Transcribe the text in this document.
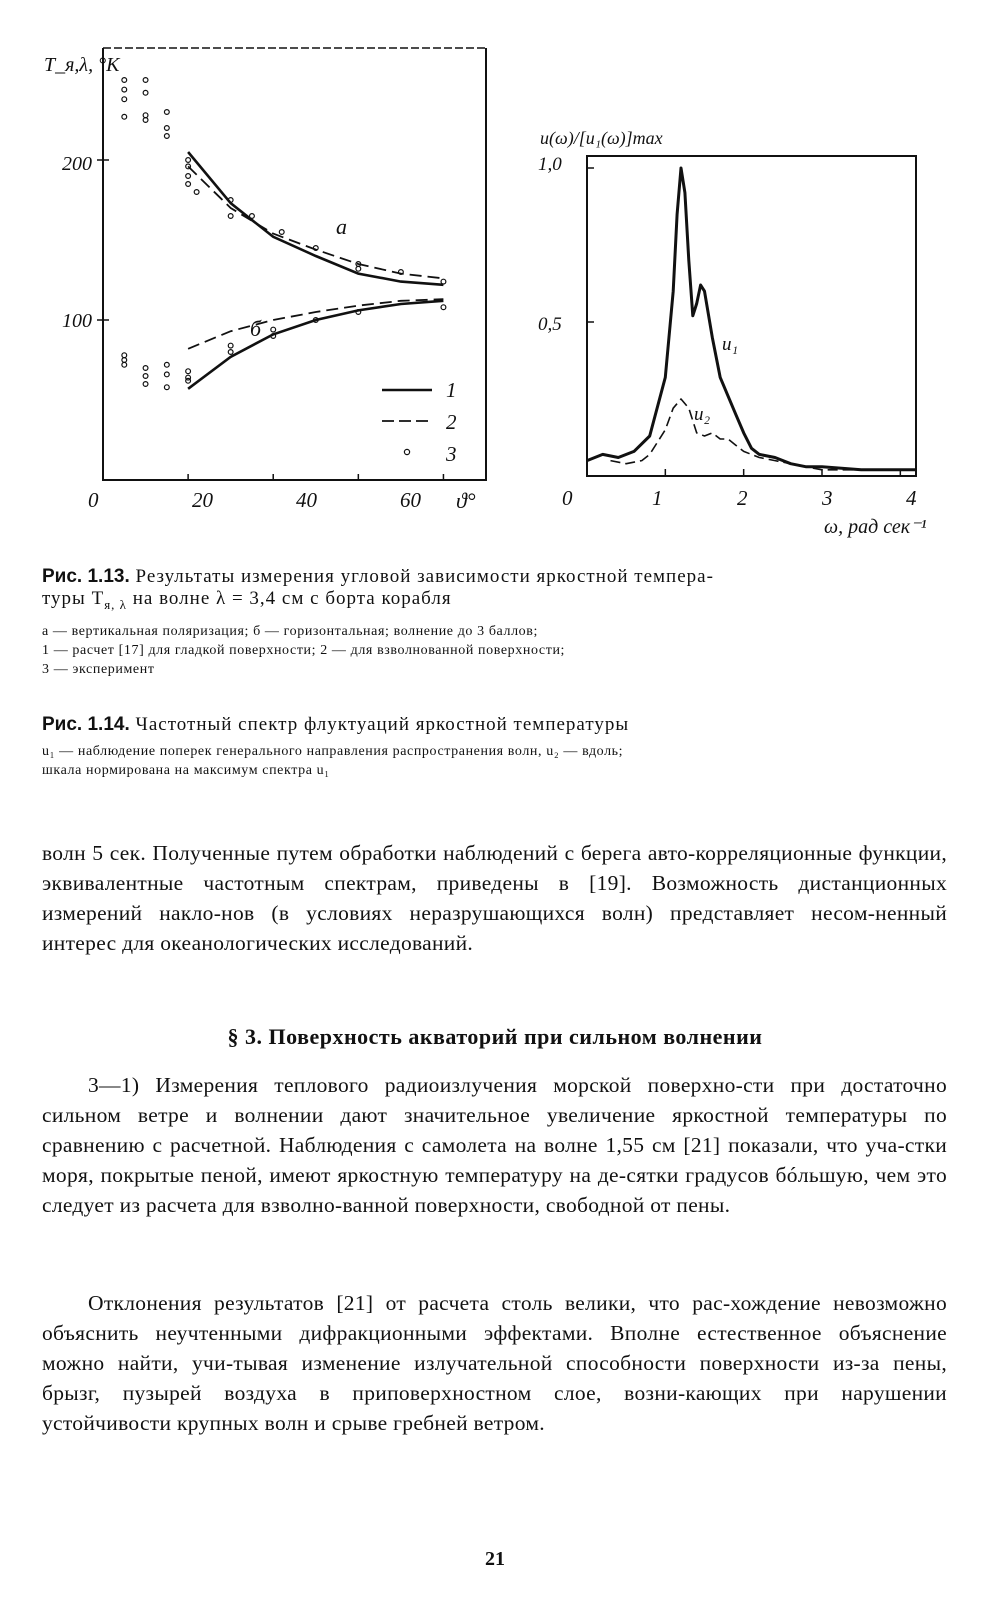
T_я,λ, °K
ϑ°
200
100
0	20	40	60
а
б
1
2
3
u(ω)/[u₁(ω)]max
ω, рад сек⁻¹
1,0
0,5
0	1	2	3	4
u₁
u₂
Рис. 1.13. Результаты измерения угловой зависимости яркостной темпера-
туры $T_{я, \lambda}$ на волне λ = 3,4 см с борта корабля
а — вертикальная поляризация; б — горизонтальная; волнение до 3 баллов;
1 — расчет [17] для гладкой поверхности; 2 — для взволнованной поверхности;
3 — эксперимент
Рис. 1.14. Частотный спектр флуктуаций яркостной температуры
u₁ — наблюдение поперек генерального направления распространения волн, u₂ — вдоль;
шкала нормирована на максимум спектра u₁

волн 5 сек. Полученные путем обработки наблюдений с берега авто-корреляционные функции, эквивалентные частотным спектрам, приведены в [19]. Возможность дистанционных измерений накло-нов (в условиях неразрушающихся волн) представляет несом-ненный интерес для океанологических исследований.

§ 3. Поверхность акваторий при сильном волнении

3—1) Измерения теплового радиоизлучения морской поверхно-сти при достаточно сильном ветре и волнении дают значительное увеличение яркостной температуры по сравнению с расчетной. Наблюдения с самолета на волне 1,55 см [21] показали, что уча-стки моря, покрытые пеной, имеют яркостную температуру на де-сятки градусов бóльшую, чем это следует из расчета для взволно-ванной поверхности, свободной от пены.

Отклонения результатов [21] от расчета столь велики, что рас-хождение невозможно объяснить неучтенными дифракционными эффектами. Вполне естественное объяснение можно найти, учи-тывая изменение излучательной способности поверхности из-за пены, брызг, пузырей воздуха в приповерхностном слое, возни-кающих при нарушении устойчивости крупных волн и срыве гребней ветром.

21
